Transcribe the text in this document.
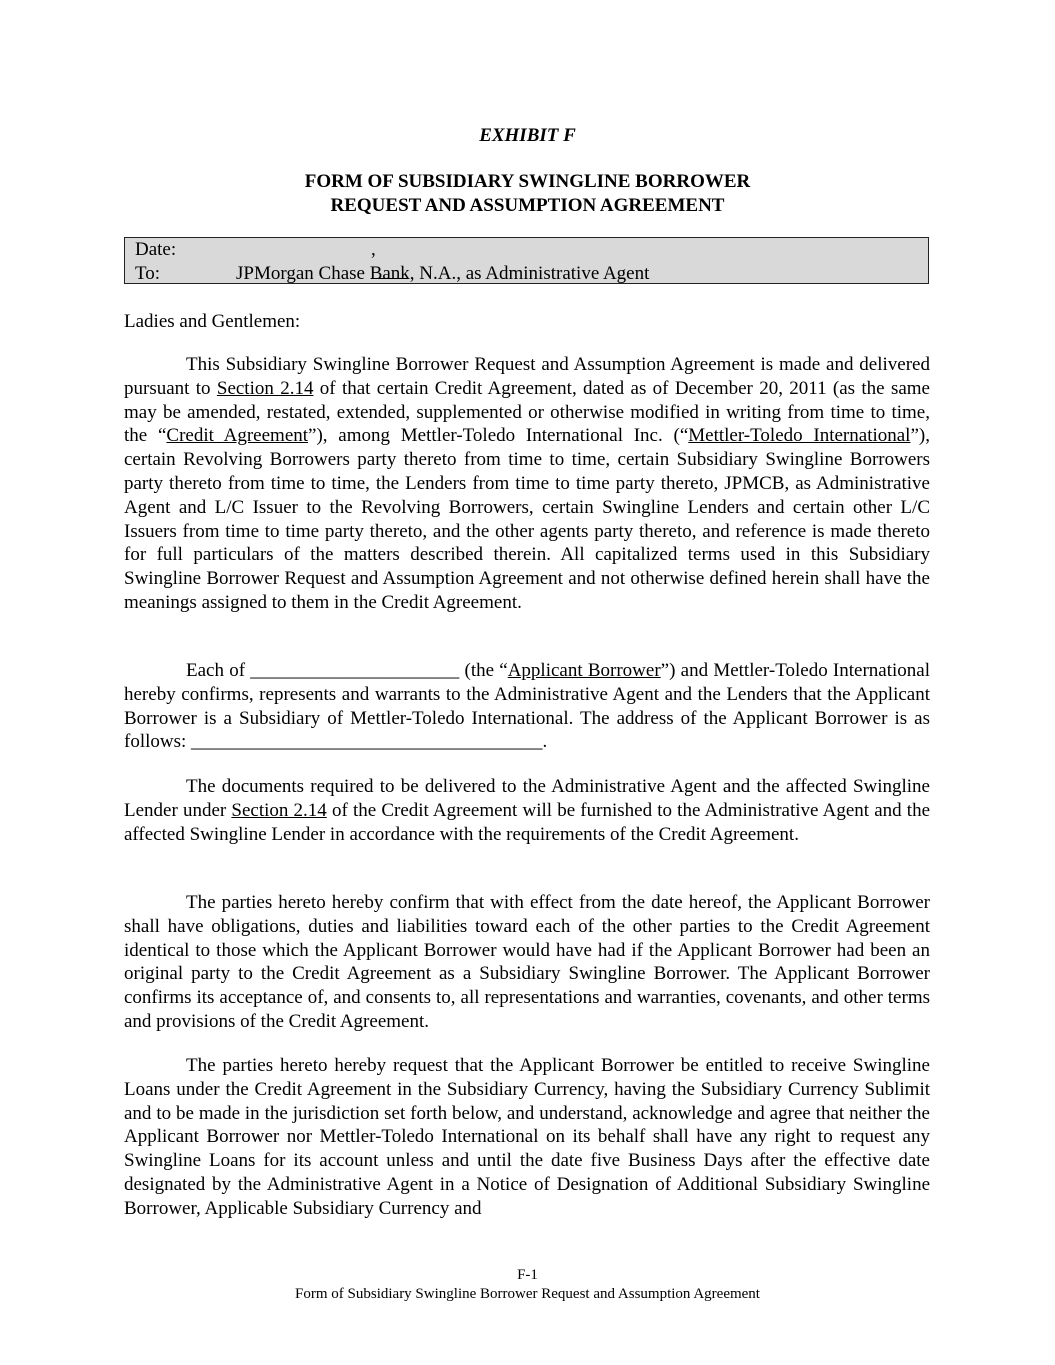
EXHIBIT F
FORM OF SUBSIDIARY SWINGLINE BORROWER
REQUEST AND ASSUMPTION AGREEMENT
Date:	,
To:	JPMorgan Chase Bank, N.A., as Administrative Agent
Ladies and Gentlemen:
This Subsidiary Swingline Borrower Request and Assumption Agreement is made and delivered pursuant to Section 2.14 of that certain Credit Agreement, dated as of December 20, 2011 (as the same may be amended, restated, extended, supplemented or otherwise modified in writing from time to time, the “Credit Agreement”), among Mettler-Toledo International Inc. (“Mettler-Toledo International”), certain Revolving Borrowers party thereto from time to time, certain Subsidiary Swingline Borrowers party thereto from time to time, the Lenders from time to time party thereto, JPMCB, as Administrative Agent and L/C Issuer to the Revolving Borrowers, certain Swingline Lenders and certain other L/C Issuers from time to time party thereto, and the other agents party thereto, and reference is made thereto for full particulars of the matters described therein. All capitalized terms used in this Subsidiary Swingline Borrower Request and Assumption Agreement and not otherwise defined herein shall have the meanings assigned to them in the Credit Agreement.
Each of ______________________ (the “Applicant Borrower”) and Mettler-Toledo International hereby confirms, represents and warrants to the Administrative Agent and the Lenders that the Applicant Borrower is a Subsidiary of Mettler-Toledo International. The address of the Applicant Borrower is as follows: _____________________________________.
The documents required to be delivered to the Administrative Agent and the affected Swingline Lender under Section 2.14 of the Credit Agreement will be furnished to the Administrative Agent and the affected Swingline Lender in accordance with the requirements of the Credit Agreement.
The parties hereto hereby confirm that with effect from the date hereof, the Applicant Borrower shall have obligations, duties and liabilities toward each of the other parties to the Credit Agreement identical to those which the Applicant Borrower would have had if the Applicant Borrower had been an original party to the Credit Agreement as a Subsidiary Swingline Borrower. The Applicant Borrower confirms its acceptance of, and consents to, all representations and warranties, covenants, and other terms and provisions of the Credit Agreement.
The parties hereto hereby request that the Applicant Borrower be entitled to receive Swingline Loans under the Credit Agreement in the Subsidiary Currency, having the Subsidiary Currency Sublimit and to be made in the jurisdiction set forth below, and understand, acknowledge and agree that neither the Applicant Borrower nor Mettler-Toledo International on its behalf shall have any right to request any Swingline Loans for its account unless and until the date five Business Days after the effective date designated by the Administrative Agent in a Notice of Designation of Additional Subsidiary Swingline Borrower, Applicable Subsidiary Currency and
F-1
Form of Subsidiary Swingline Borrower Request and Assumption Agreement
